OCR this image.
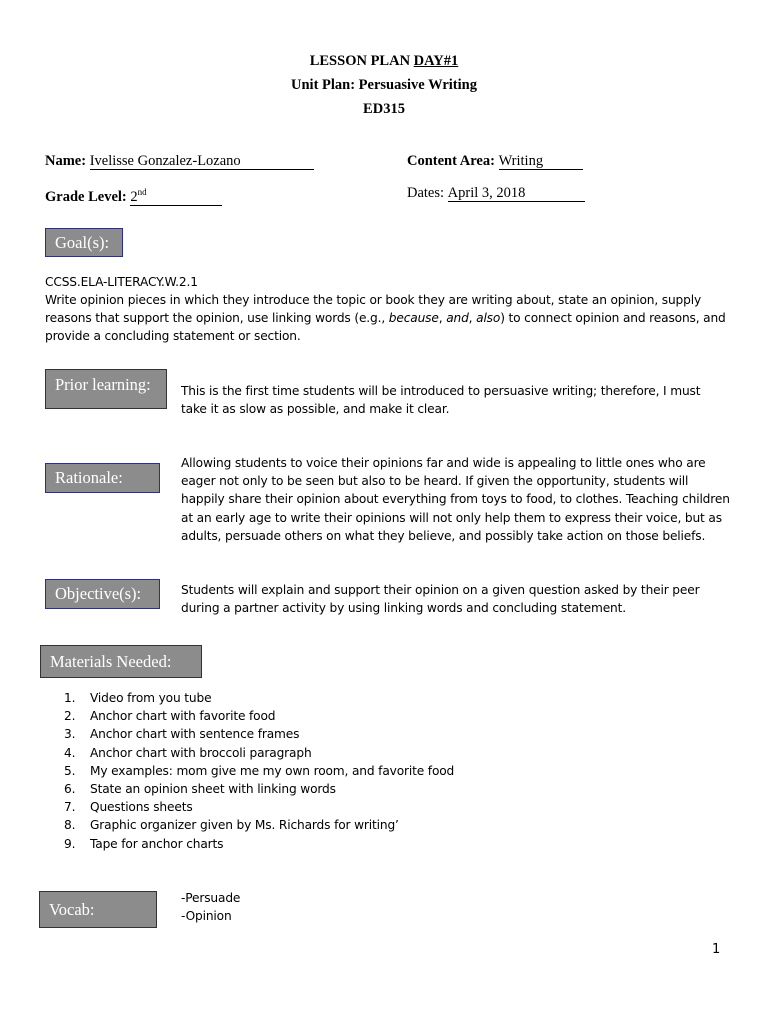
LESSON PLAN DAY#1
Unit Plan: Persuasive Writing
ED315
Name: Ivelisse Gonzalez-Lozano	Content Area: Writing
Grade Level: 2nd	Dates: April 3, 2018
Goal(s):
CCSS.ELA-LITERACY.W.2.1
Write opinion pieces in which they introduce the topic or book they are writing about, state an opinion, supply reasons that support the opinion, use linking words (e.g., because, and, also) to connect opinion and reasons, and provide a concluding statement or section.
Prior learning:	This is the first time students will be introduced to persuasive writing; therefore, I must take it as slow as possible, and make it clear.
Rationale:
Allowing students to voice their opinions far and wide is appealing to little ones who are eager not only to be seen but also to be heard. If given the opportunity, students will happily share their opinion about everything from toys to food, to clothes. Teaching children at an early age to write their opinions will not only help them to express their voice, but as adults, persuade others on what they believe, and possibly take action on those beliefs.
Objective(s):	Students will explain and support their opinion on a given question asked by their peer during a partner activity by using linking words and concluding statement.
Materials Needed:
1. Video from you tube
2. Anchor chart with favorite food
3. Anchor chart with sentence frames
4. Anchor chart with broccoli paragraph
5. My examples: mom give me my own room, and favorite food
6. State an opinion sheet with linking words
7. Questions sheets
8. Graphic organizer given by Ms. Richards for writing’
9. Tape for anchor charts
Vocab:
-Persuade
-Opinion
1
